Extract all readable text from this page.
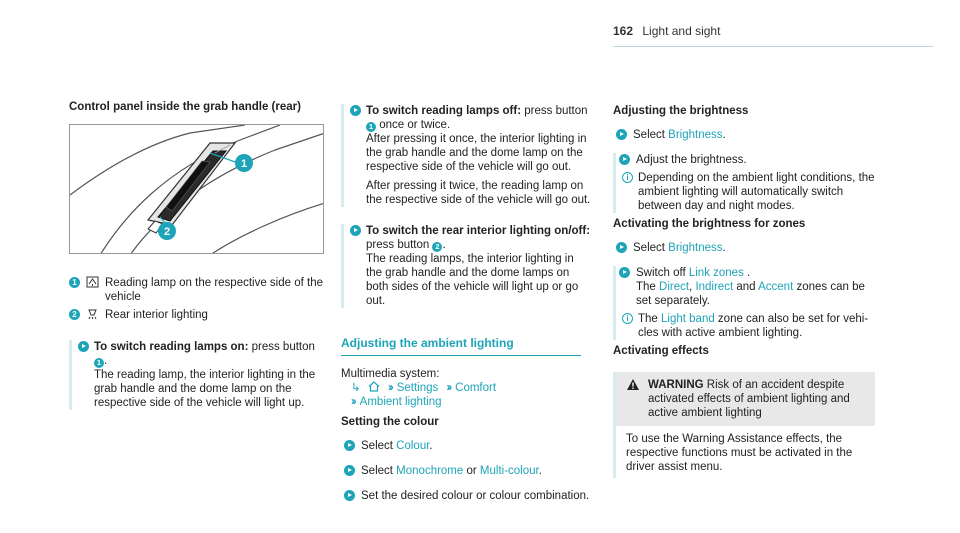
162 Light and sight
Control panel inside the grab handle (rear)
1
2
1 Reading lamp on the respective side of the vehicle
2 Rear interior lighting
To switch reading lamps on: press button
1 .
The reading lamp, the interior lighting in the grab handle and the dome lamp on the respective side of the vehicle will light up.
To switch reading lamps off: press button
1 once or twice.
After pressing it once, the interior lighting in the grab handle and the dome lamp on the respective side of the vehicle will go out.
After pressing it twice, the reading lamp on the respective side of the vehicle will go out.
To switch the rear interior lighting on/off: press button 2 .
The reading lamps, the interior lighting in the grab handle and the dome lamps on both sides of the vehicle will light up or go out.
Adjusting the ambient lighting
Multimedia system:
↳ ›› Settings ›› Comfort
›› Ambient lighting
Setting the colour
Select Colour.
Select Monochrome or Multi-colour.
Set the desired colour or colour combination.
Adjusting the brightness
Select Brightness.
Adjust the brightness.
i Depending on the ambient light conditions, the ambient lighting will automatically switch between day and night modes.
Activating the brightness for zones
Select Brightness.
Switch off Link zones .
The Direct, Indirect and Accent zones can be set separately.
i The Light band zone can also be set for vehicles with active ambient lighting.
Activating effects
WARNING Risk of an accident despite activated effects of ambient lighting and active ambient lighting
To use the Warning Assistance effects, the respective functions must be activated in the driver assist menu.
